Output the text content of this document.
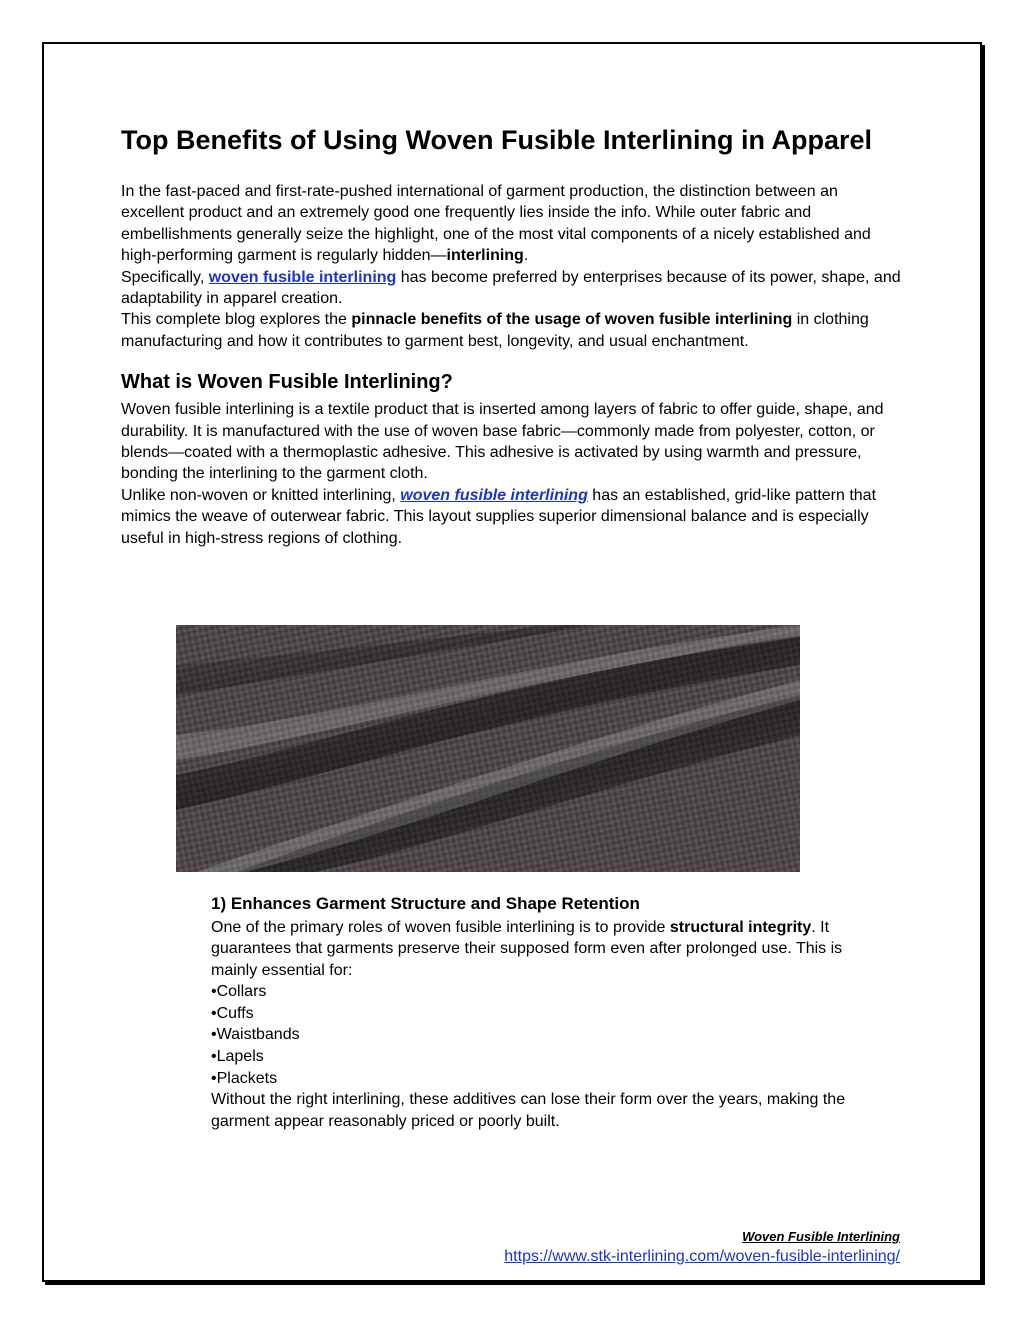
Top Benefits of Using Woven Fusible Interlining in Apparel

In the fast-paced and first-rate-pushed international of garment production, the distinction between an excellent product and an extremely good one frequently lies inside the info. While outer fabric and embellishments generally seize the highlight, one of the most vital components of a nicely established and high-performing garment is regularly hidden—interlining.

Specifically, woven fusible interlining has become preferred by enterprises because of its power, shape, and adaptability in apparel creation.

This complete blog explores the pinnacle benefits of the usage of woven fusible interlining in clothing manufacturing and how it contributes to garment best, longevity, and usual enchantment.

What is Woven Fusible Interlining?

Woven fusible interlining is a textile product that is inserted among layers of fabric to offer guide, shape, and durability. It is manufactured with the use of woven base fabric—commonly made from polyester, cotton, or blends—coated with a thermoplastic adhesive. This adhesive is activated by using warmth and pressure, bonding the interlining to the garment cloth.

Unlike non-woven or knitted interlining, woven fusible interlining has an established, grid-like pattern that mimics the weave of outerwear fabric. This layout supplies superior dimensional balance and is especially useful in high-stress regions of clothing.

1) Enhances Garment Structure and Shape Retention

One of the primary roles of woven fusible interlining is to provide structural integrity. It guarantees that garments preserve their supposed form even after prolonged use. This is mainly essential for:

•Collars
•Cuffs
•Waistbands
•Lapels
•Plackets

Without the right interlining, these additives can lose their form over the years, making the garment appear reasonably priced or poorly built.

Woven Fusible Interlining
https://www.stk-interlining.com/woven-fusible-interlining/
